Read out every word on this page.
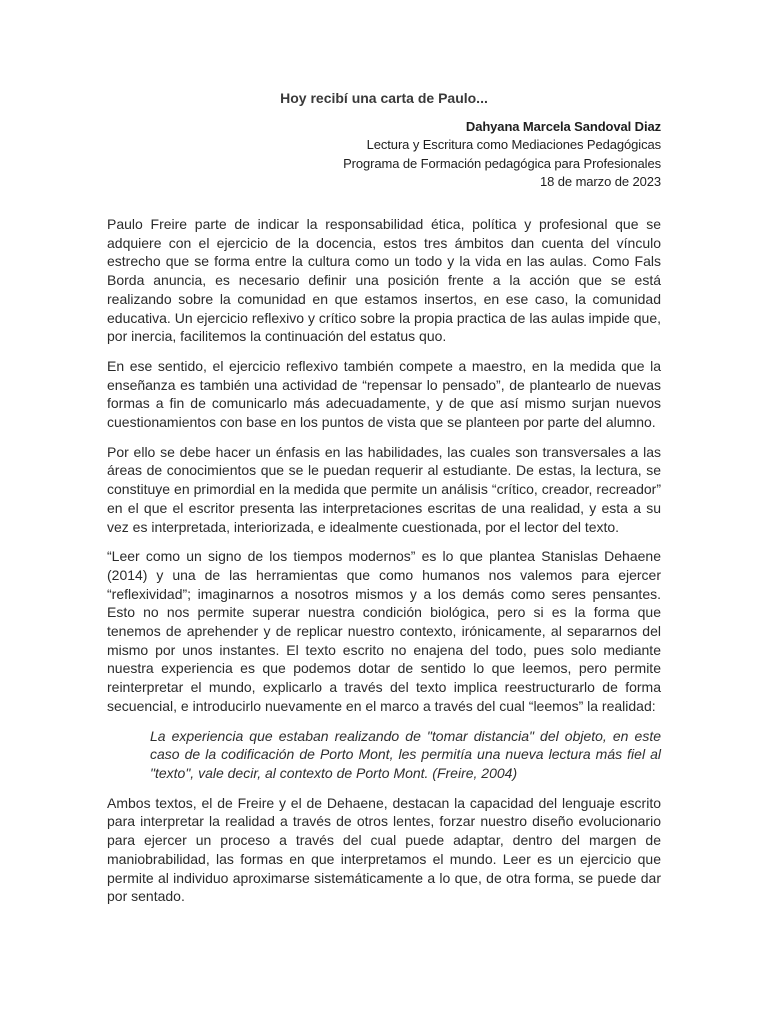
Hoy recibí una carta de Paulo...
Dahyana Marcela Sandoval Diaz
Lectura y Escritura como Mediaciones Pedagógicas
Programa de Formación pedagógica para Profesionales
18 de marzo de 2023

Paulo Freire parte de indicar la responsabilidad ética, política y profesional que se adquiere con el ejercicio de la docencia, estos tres ámbitos dan cuenta del vínculo estrecho que se forma entre la cultura como un todo y la vida en las aulas. Como Fals Borda anuncia, es necesario definir una posición frente a la acción que se está realizando sobre la comunidad en que estamos insertos, en ese caso, la comunidad educativa. Un ejercicio reflexivo y crítico sobre la propia practica de las aulas impide que, por inercia, facilitemos la continuación del estatus quo.

En ese sentido, el ejercicio reflexivo también compete a maestro, en la medida que la enseñanza es también una actividad de “repensar lo pensado”, de plantearlo de nuevas formas a fin de comunicarlo más adecuadamente, y de que así mismo surjan nuevos cuestionamientos con base en los puntos de vista que se planteen por parte del alumno.

Por ello se debe hacer un énfasis en las habilidades, las cuales son transversales a las áreas de conocimientos que se le puedan requerir al estudiante. De estas, la lectura, se constituye en primordial en la medida que permite un análisis “crítico, creador, recreador” en el que el escritor presenta las interpretaciones escritas de una realidad, y esta a su vez es interpretada, interiorizada, e idealmente cuestionada, por el lector del texto.

“Leer como un signo de los tiempos modernos” es lo que plantea Stanislas Dehaene (2014) y una de las herramientas que como humanos nos valemos para ejercer “reflexividad”; imaginarnos a nosotros mismos y a los demás como seres pensantes. Esto no nos permite superar nuestra condición biológica, pero si es la forma que tenemos de aprehender y de replicar nuestro contexto, irónicamente, al separarnos del mismo por unos instantes. El texto escrito no enajena del todo, pues solo mediante nuestra experiencia es que podemos dotar de sentido lo que leemos, pero permite reinterpretar el mundo, explicarlo a través del texto implica reestructurarlo de forma secuencial, e introducirlo nuevamente en el marco a través del cual “leemos” la realidad:

La experiencia que estaban realizando de "tomar distancia" del objeto, en este caso de la codificación de Porto Mont, les permitía una nueva lectura más fiel al "texto", vale decir, al contexto de Porto Mont. (Freire, 2004)

Ambos textos, el de Freire y el de Dehaene, destacan la capacidad del lenguaje escrito para interpretar la realidad a través de otros lentes, forzar nuestro diseño evolucionario para ejercer un proceso a través del cual puede adaptar, dentro del margen de maniobrabilidad, las formas en que interpretamos el mundo. Leer es un ejercicio que permite al individuo aproximarse sistemáticamente a lo que, de otra forma, se puede dar por sentado.
